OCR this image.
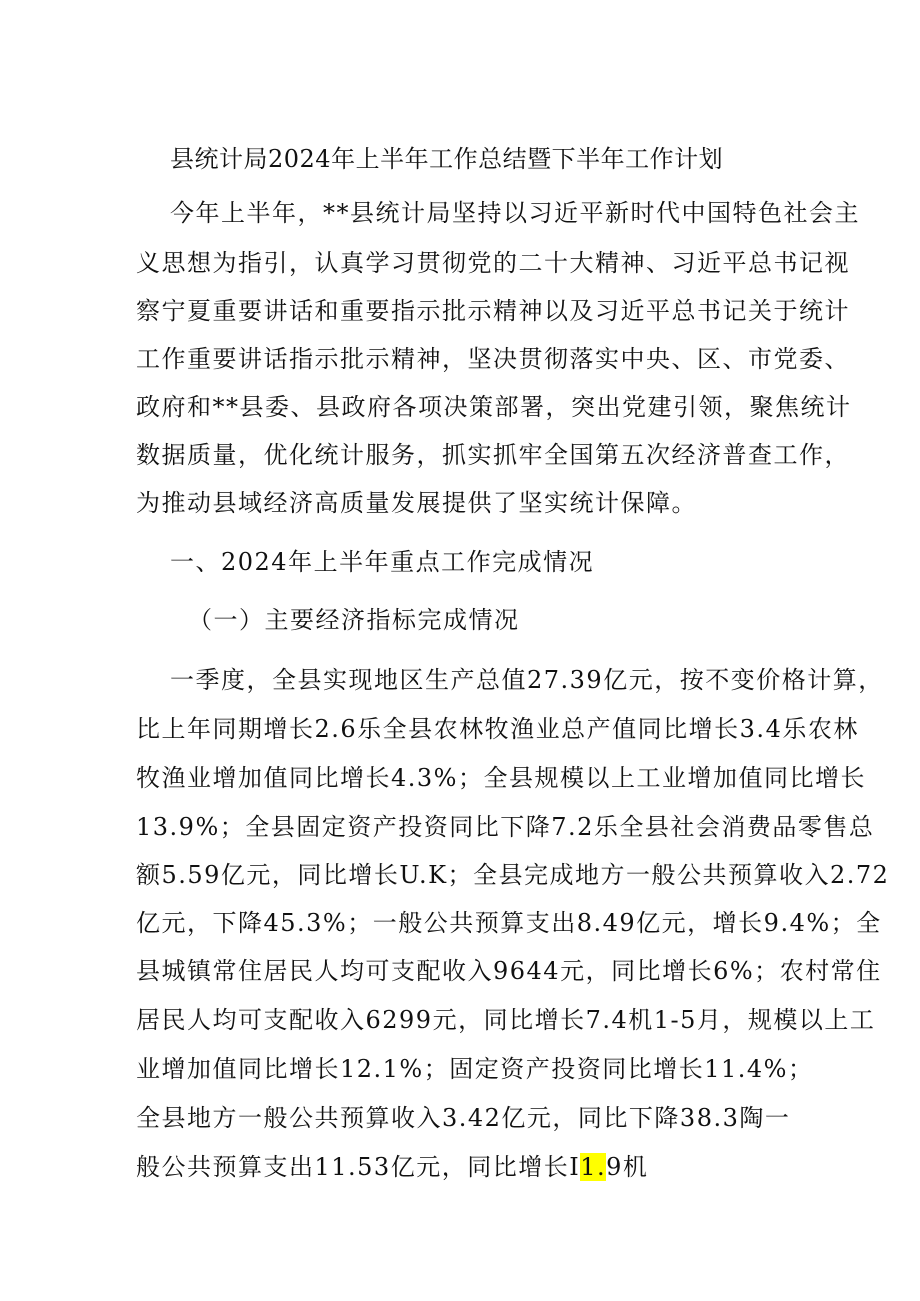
县统计局2024年上半年工作总结暨下半年工作计划

今年上半年，**县统计局坚持以习近平新时代中国特色社会主

义思想为指引，认真学习贯彻党的二十大精神、习近平总书记视

察宁夏重要讲话和重要指示批示精神以及习近平总书记关于统计

工作重要讲话指示批示精神，坚决贯彻落实中央、区、市党委、

政府和**县委、县政府各项决策部署，突出党建引领，聚焦统计

数据质量，优化统计服务，抓实抓牢全国第五次经济普查工作，

为推动县域经济高质量发展提供了坚实统计保障。

一、2024年上半年重点工作完成情况

（一）主要经济指标完成情况

一季度，全县实现地区生产总值27.39亿元，按不变价格计算，

比上年同期增长2.6乐全县农林牧渔业总产值同比增长3.4乐农林

牧渔业增加值同比增长4.3%；全县规模以上工业增加值同比增长

13.9%；全县固定资产投资同比下降7.2乐全县社会消费品零售总

额5.59亿元，同比增长U.K；全县完成地方一般公共预算收入2.72

亿元，下降45.3%；一般公共预算支出8.49亿元，增长9.4%；全

县城镇常住居民人均可支配收入9644元，同比增长6%；农村常住

居民人均可支配收入6299元，同比增长7.4机1-5月，规模以上工

业增加值同比增长12.1%；固定资产投资同比增长11.4%；

全县地方一般公共预算收入3.42亿元，同比下降38.3陶一

般公共预算支出11.53亿元，同比增长I1.9机
